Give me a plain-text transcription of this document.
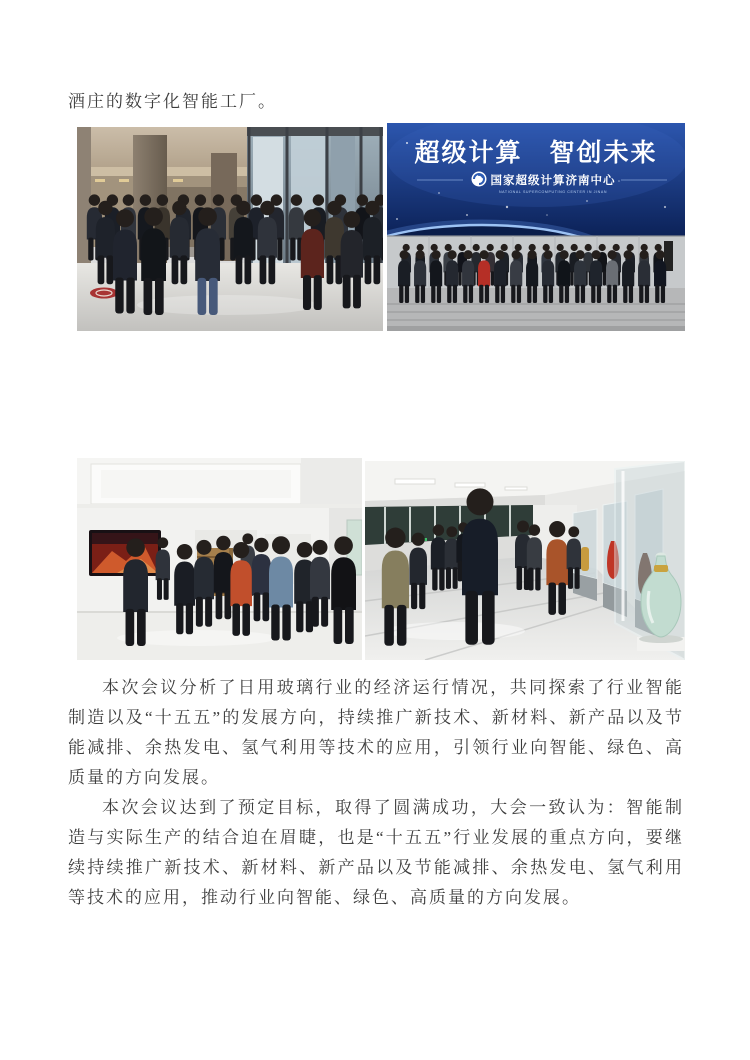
酒庄的数字化智能工厂。

超级计算　智创未来
国家超级计算济南中心
NATIONAL SUPERCOMPUTING CENTER IN JINAN

本次会议分析了日用玻璃行业的经济运行情况，共同探索了行业智能制造以及“十五五”的发展方向，持续推广新技术、新材料、新产品以及节能减排、余热发电、氢气利用等技术的应用，引领行业向智能、绿色、高质量的方向发展。

本次会议达到了预定目标，取得了圆满成功，大会一致认为：智能制造与实际生产的结合迫在眉睫，也是“十五五”行业发展的重点方向，要继续持续推广新技术、新材料、新产品以及节能减排、余热发电、氢气利用等技术的应用，推动行业向智能、绿色、高质量的方向发展。
